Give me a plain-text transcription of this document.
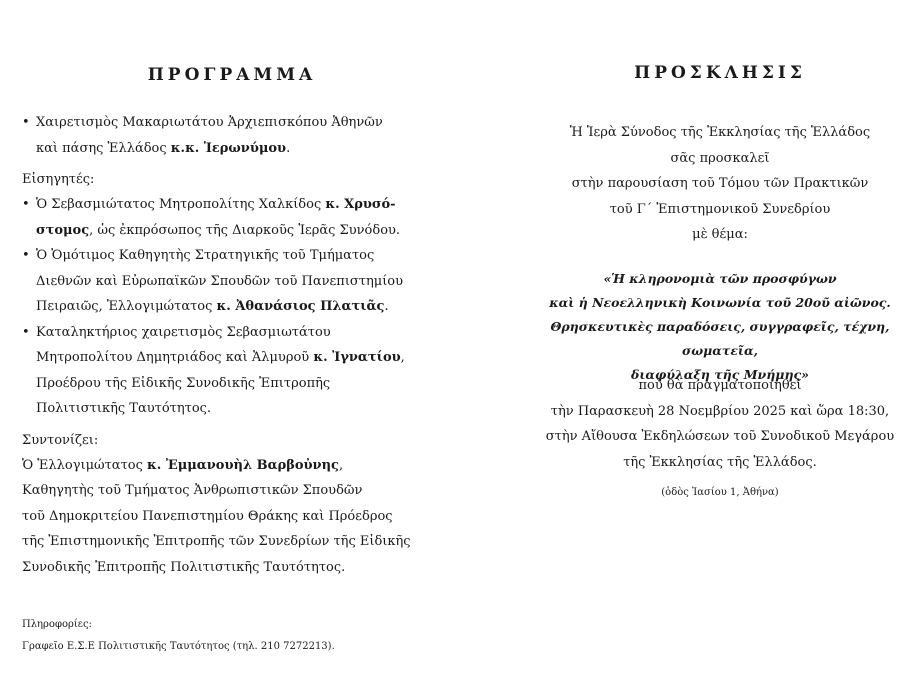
ΠΡΟΓΡΑΜΜΑ
• Χαιρετισμὸς Μακαριωτάτου Ἀρχιεπισκόπου Ἀθηνῶν
καὶ πάσης Ἑλλάδος κ.κ. Ἱερωνύμου.
Εἰσηγητές:
• Ὁ Σεβασμιώτατος Μητροπολίτης Χαλκίδος κ. Χρυσό-
στομος, ὡς ἐκπρόσωπος τῆς Διαρκοῦς Ἱερᾶς Συνόδου.
• Ὁ Ὁμότιμος Καθηγητὴς Στρατηγικῆς τοῦ Τμήματος
Διεθνῶν καὶ Εὐρωπαϊκῶν Σπουδῶν τοῦ Πανεπιστημίου
Πειραιῶς, Ἐλλογιμώτατος κ. Ἀθανάσιος Πλατιᾶς.
• Καταληκτήριος χαιρετισμὸς Σεβασμιωτάτου
Μητροπολίτου Δημητριάδος καὶ Ἁλμυροῦ κ. Ἰγνατίου,
Προέδρου τῆς Εἰδικῆς Συνοδικῆς Ἐπιτροπῆς
Πολιτιστικῆς Ταυτότητος.
Συντονίζει:
Ὁ Ἐλλογιμώτατος κ. Ἐμμανουὴλ Βαρβοὐνης,
Καθηγητὴς τοῦ Τμήματος Ἀνθρωπιστικῶν Σπουδῶν
τοῦ Δημοκριτείου Πανεπιστημίου Θράκης καὶ Πρόεδρος
τῆς Ἐπιστημονικῆς Ἐπιτροπῆς τῶν Συνεδρίων τῆς Εἰδικῆς
Συνοδικῆς Ἐπιτροπῆς Πολιτιστικῆς Ταυτότητος.
Πληροφορίες:
Γραφεῖο Ε.Σ.Ε Πολιτιστικῆς Ταυτότητος (τηλ. 210 7272213).
ΠΡΟΣΚΛΗΣΙΣ
Ἡ Ἱερὰ Σύνοδος τῆς Ἐκκλησίας τῆς Ἑλλάδος
σᾶς προσκαλεῖ
στὴν παρουσίαση τοῦ Τόμου τῶν Πρακτικῶν
τοῦ Γ΄ Ἐπιστημονικοῦ Συνεδρίου
μὲ θέμα:
«Ἡ κληρονομιὰ τῶν προσφύγων
καὶ ἡ Νεοελληνικὴ Κοινωνία τοῦ 20οῦ αἰῶνος.
Θρησκευτικὲς παραδόσεις, συγγραφεῖς, τέχνη, σωματεῖα,
διαφύλαξη τῆς Μνήμης»
ποὺ θὰ πραγματοποιηθεῖ
τὴν Παρασκευὴ 28 Νοεμβρίου 2025 καὶ ὥρα 18:30,
στὴν Αἴθουσα Ἐκδηλώσεων τοῦ Συνοδικοῦ Μεγάρου
τῆς Ἐκκλησίας τῆς Ἑλλάδος.
(ὁδὸς Ἰασίου 1, Ἀθήνα)
